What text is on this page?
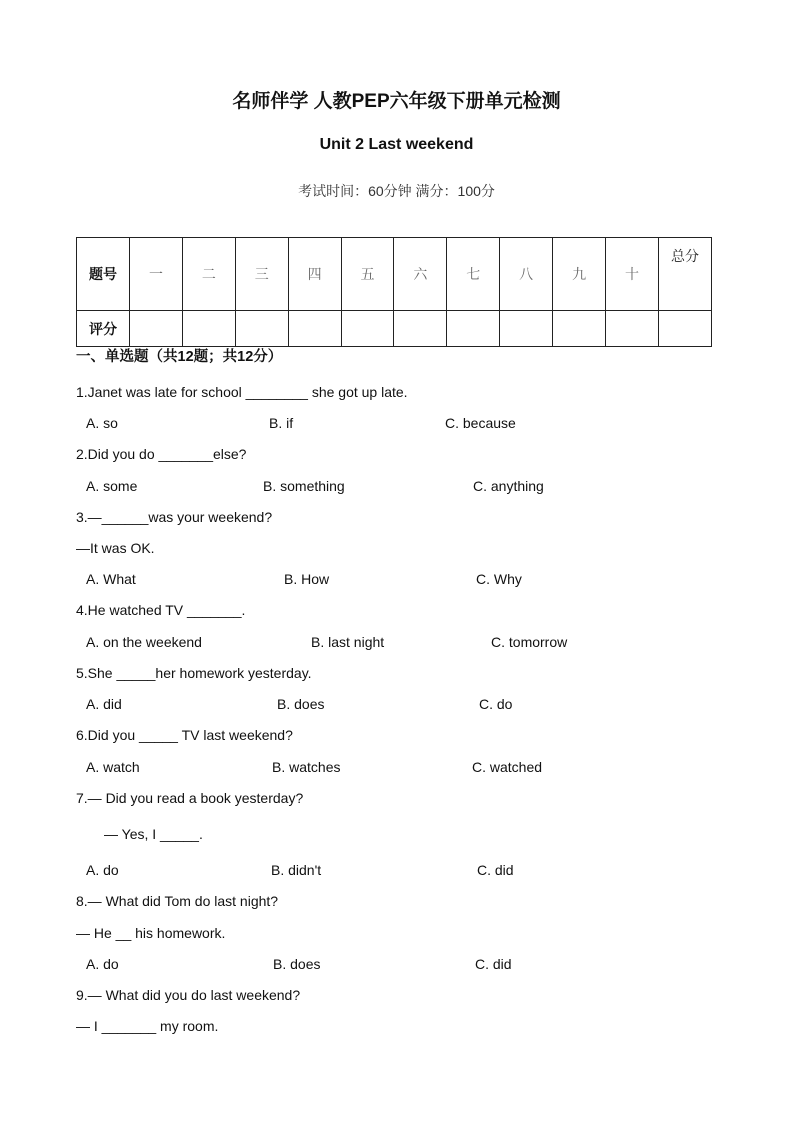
名师伴学 人教PEP六年级下册单元检测
Unit 2 Last weekend
考试时间：60分钟 满分：100分
题号	一	二	三	四	五	六	七	八	九	十	总分
评分											
一、单选题（共12题；共12分）
1.Janet was late for school ________ she got up late.
A. so	B. if	C. because
2.Did you do _______else?
A. some	B. something	C. anything
3.—______was your weekend?
—It was OK.
A. What	B. How	C. Why
4.He watched TV _______.
A. on the weekend	B. last night	C. tomorrow
5.She _____her homework yesterday.
A. did	B. does	C. do
6.Did you _____ TV last weekend?
A. watch	B. watches	C. watched
7.— Did you read a book yesterday?
— Yes, I _____.
A. do	B. didn't	C. did
8.— What did Tom do last night?
— He __ his homework.
A. do	B. does	C. did
9.— What did you do last weekend?
— I _______ my room.
